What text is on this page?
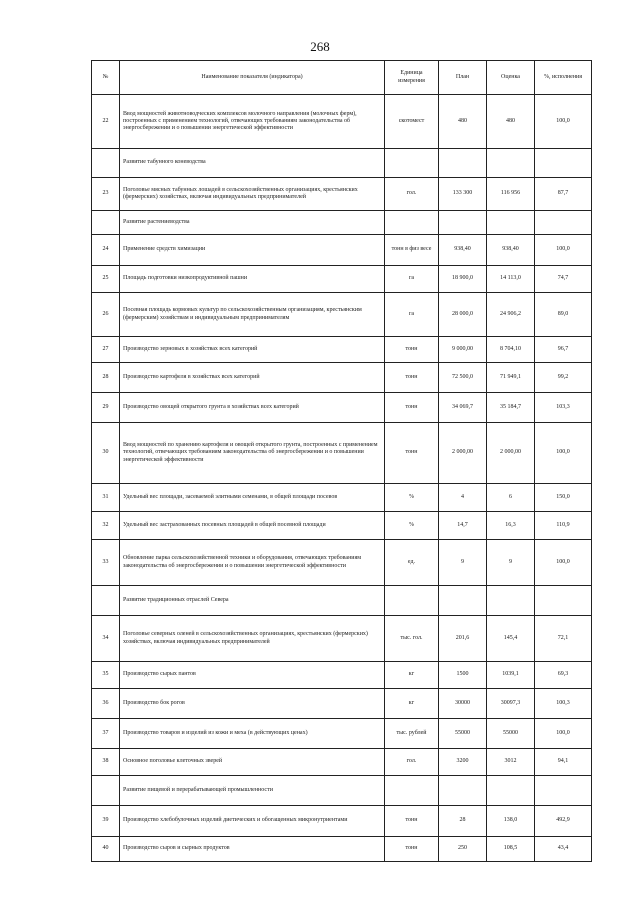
268
№	Наименование показателя (индикатора)	Единица измерения	План	Оценка	%, исполнения
22	Ввод мощностей животноводческих комплексов молочного направления (молочных ферм), построенных с применением технологий, отвечающих требованиям законодательства об энергосбережении и о повышении энергетической эффективности	скотомест	480	480	100,0
	Развитие табунного коневодства				
23	Поголовье мясных табунных лошадей в сельскохозяйственных организациях, крестьянских (фермерских) хозяйствах, включая индивидуальных предпринимателей	гол.	133 300	116 956	87,7
	Развитие растениеводства				
24	Применение средств химизации	тонн в физ весе	938,40	938,40	100,0
25	Площадь подготовки низкопродуктивной пашни	га	18 900,0	14 113,0	74,7
26	Посевная площадь кормовых культур по сельскохозяйственным организациям, крестьянским (фермерским) хозяйствам и индивидуальным предпринимателям	га	28 000,0	24 906,2	89,0
27	Производство зерновых в хозяйствах всех категорий	тонн	9 000,00	8 704,10	96,7
28	Производство картофеля в хозяйствах всех категорий	тонн	72 500,0	71 949,1	99,2
29	Производство овощей открытого грунта в хозяйствах всех категорий	тонн	34 069,7	35 184,7	103,3
30	Ввод мощностей по хранению картофеля и овощей открытого грунта, построенных с применением технологий, отвечающих требованиям законодательства об энергосбережении и о повышении энергетической эффективности	тонн	2 000,00	2 000,00	100,0
31	Удельный вес площади, засеваемой элитными семенами, в общей площади посевов	%	4	6	150,0
32	Удельный вес застрахованных посевных площадей в общей посевной площади	%	14,7	16,3	110,9
33	Обновление парка сельскохозяйственной техники и оборудования, отвечающих требованиям законодательства об энергосбережении и о повышении энергетической эффективности	ед.	9	9	100,0
	Развитие традиционных отраслей Севера				
34	Поголовье северных оленей в сельскохозяйственных организациях, крестьянских (фермерских) хозяйствах, включая индивидуальных предпринимателей	тыс. гол.	201,6	145,4	72,1
35	Производство сырых пантов	кг	1500	1039,1	69,3
36	Производство бок рогов	кг	30000	30097,3	100,3
37	Производство товаров и изделий из кожи и меха (в действующих ценах)	тыс. рублей	55000	55000	100,0
38	Основное поголовье клеточных зверей	гол.	3200	3012	94,1
	Развитие пищевой и перерабатывающей промышленности				
39	Производство хлебобулочных изделий диетических и обогащенных микронутриентами	тонн	28	138,0	492,9
40	Производство сыров и сырных продуктов	тонн	250	108,5	43,4
